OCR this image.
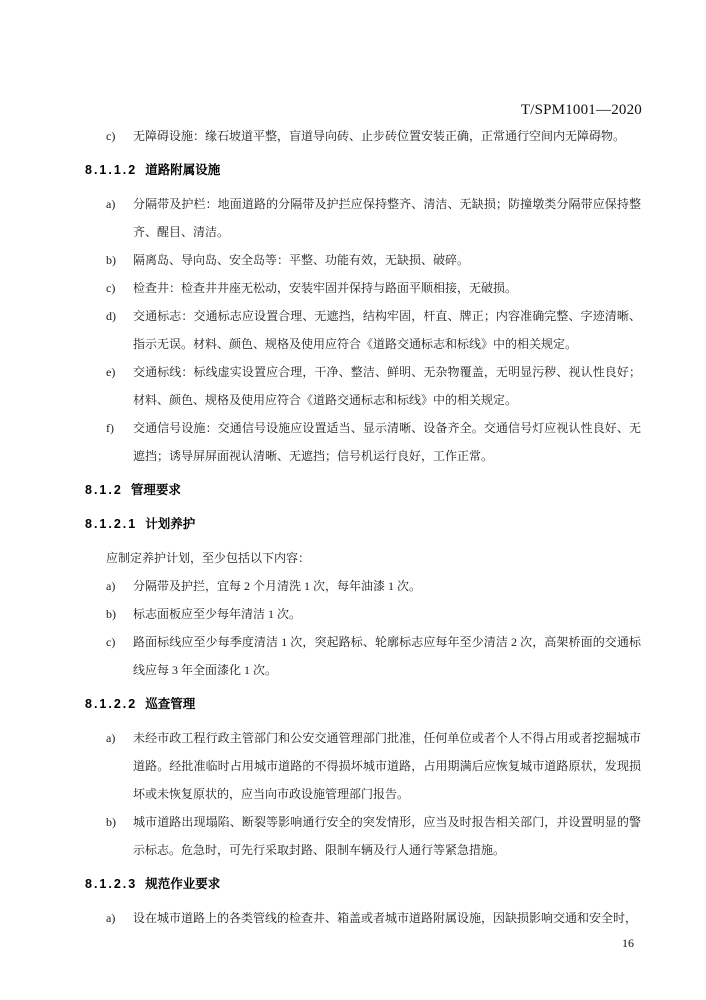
T/SPM1001—2020
c) 无障碍设施：缘石坡道平整，盲道导向砖、止步砖位置安装正确，正常通行空间内无障碍物。
8.1.1.2 道路附属设施
a) 分隔带及护栏：地面道路的分隔带及护拦应保持整齐、清洁、无缺损；防撞墩类分隔带应保持整齐、醒目、清洁。
b) 隔离岛、导向岛、安全岛等：平整、功能有效，无缺损、破碎。
c) 检查井：检查井井座无松动，安装牢固并保持与路面平顺相接，无破损。
d) 交通标志：交通标志应设置合理、无遮挡，结构牢固，杆直、牌正；内容准确完整、字迹清晰、指示无误。材料、颜色、规格及使用应符合《道路交通标志和标线》中的相关规定。
e) 交通标线：标线虚实设置应合理，干净、整洁、鲜明、无杂物覆盖，无明显污秽、视认性良好；材料、颜色、规格及使用应符合《道路交通标志和标线》中的相关规定。
f) 交通信号设施：交通信号设施应设置适当、显示清晰、设备齐全。交通信号灯应视认性良好、无遮挡；诱导屏屏面视认清晰、无遮挡；信号机运行良好，工作正常。
8.1.2 管理要求
8.1.2.1 计划养护
应制定养护计划，至少包括以下内容：
a) 分隔带及护拦，宜每 2 个月清洗 1 次，每年油漆 1 次。
b) 标志面板应至少每年清洁 1 次。
c) 路面标线应至少每季度清洁 1 次，突起路标、轮廓标志应每年至少清洁 2 次，高架桥面的交通标线应每 3 年全面漆化 1 次。
8.1.2.2 巡查管理
a) 未经市政工程行政主管部门和公安交通管理部门批准，任何单位或者个人不得占用或者挖掘城市道路。经批准临时占用城市道路的不得损坏城市道路，占用期满后应恢复城市道路原状，发现损坏或未恢复原状的，应当向市政设施管理部门报告。
b) 城市道路出现塌陷、断裂等影响通行安全的突发情形，应当及时报告相关部门，并设置明显的警示标志。危急时，可先行采取封路、限制车辆及行人通行等紧急措施。
8.1.2.3 规范作业要求
a) 设在城市道路上的各类管线的检查井、箱盖或者城市道路附属设施，因缺损影响交通和安全时，
16
